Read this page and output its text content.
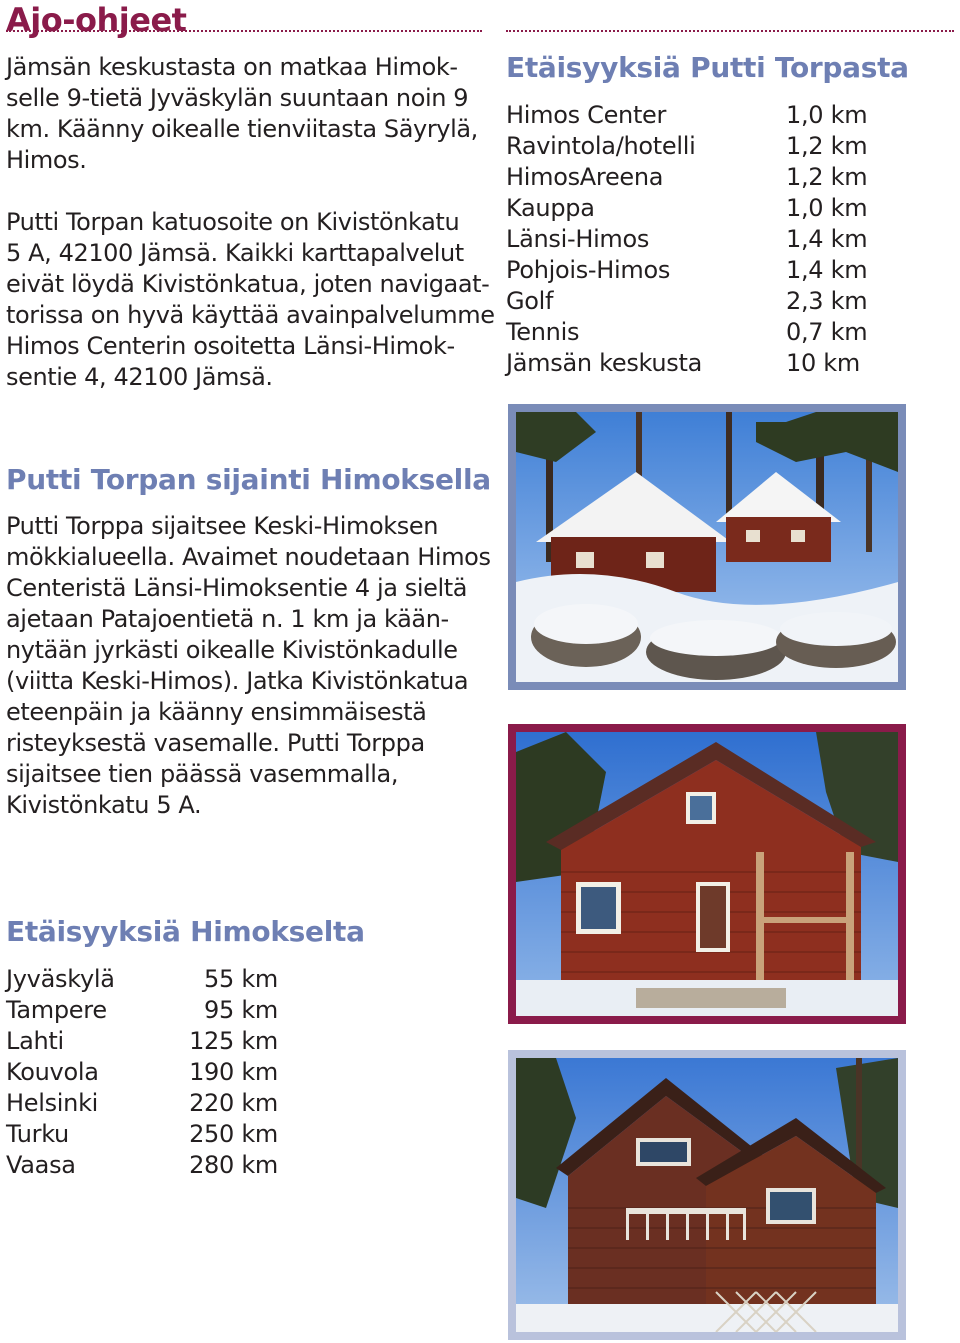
Ajo-ohjeet
Jämsän keskustasta on matkaa Himok-
selle 9-tietä Jyväskylän suuntaan noin 9
km. Käänny oikealle tienviitasta Säyrylä,
Himos.
Putti Torpan katuosoite on Kivistönkatu
5 A, 42100 Jämsä. Kaikki karttapalvelut
eivät löydä Kivistönkatua, joten navigaat-
torissa on hyvä käyttää avainpalvelumme
Himos Centerin osoitetta Länsi-Himok-
sentie 4, 42100 Jämsä.
Etäisyyksiä Putti Torpasta
Himos Center	1,0 km
Ravintola/hotelli	1,2 km
HimosAreena	1,2 km
Kauppa	1,0 km
Länsi-Himos	1,4 km
Pohjois-Himos	1,4 km
Golf	2,3 km
Tennis	0,7 km
Jämsän keskusta	10 km
Putti Torpan sijainti Himoksella
Putti Torppa sijaitsee Keski-Himoksen
mökkialueella. Avaimet noudetaan Himos
Centeristä Länsi-Himoksentie 4 ja sieltä
ajetaan Patajoentietä n. 1 km ja kään-
nytään jyrkästi oikealle Kivistönkadulle
(viitta Keski-Himos). Jatka Kivistönkatua
eteenpäin ja käänny ensimmäisestä
risteyksestä vasemalle. Putti Torppa
sijaitsee tien päässä vasemmalla,
Kivistönkatu 5 A.
Etäisyyksiä Himokselta
Jyväskylä	55 km
Tampere	95 km
Lahti	125 km
Kouvola	190 km
Helsinki	220 km
Turku	250 km
Vaasa	280 km
